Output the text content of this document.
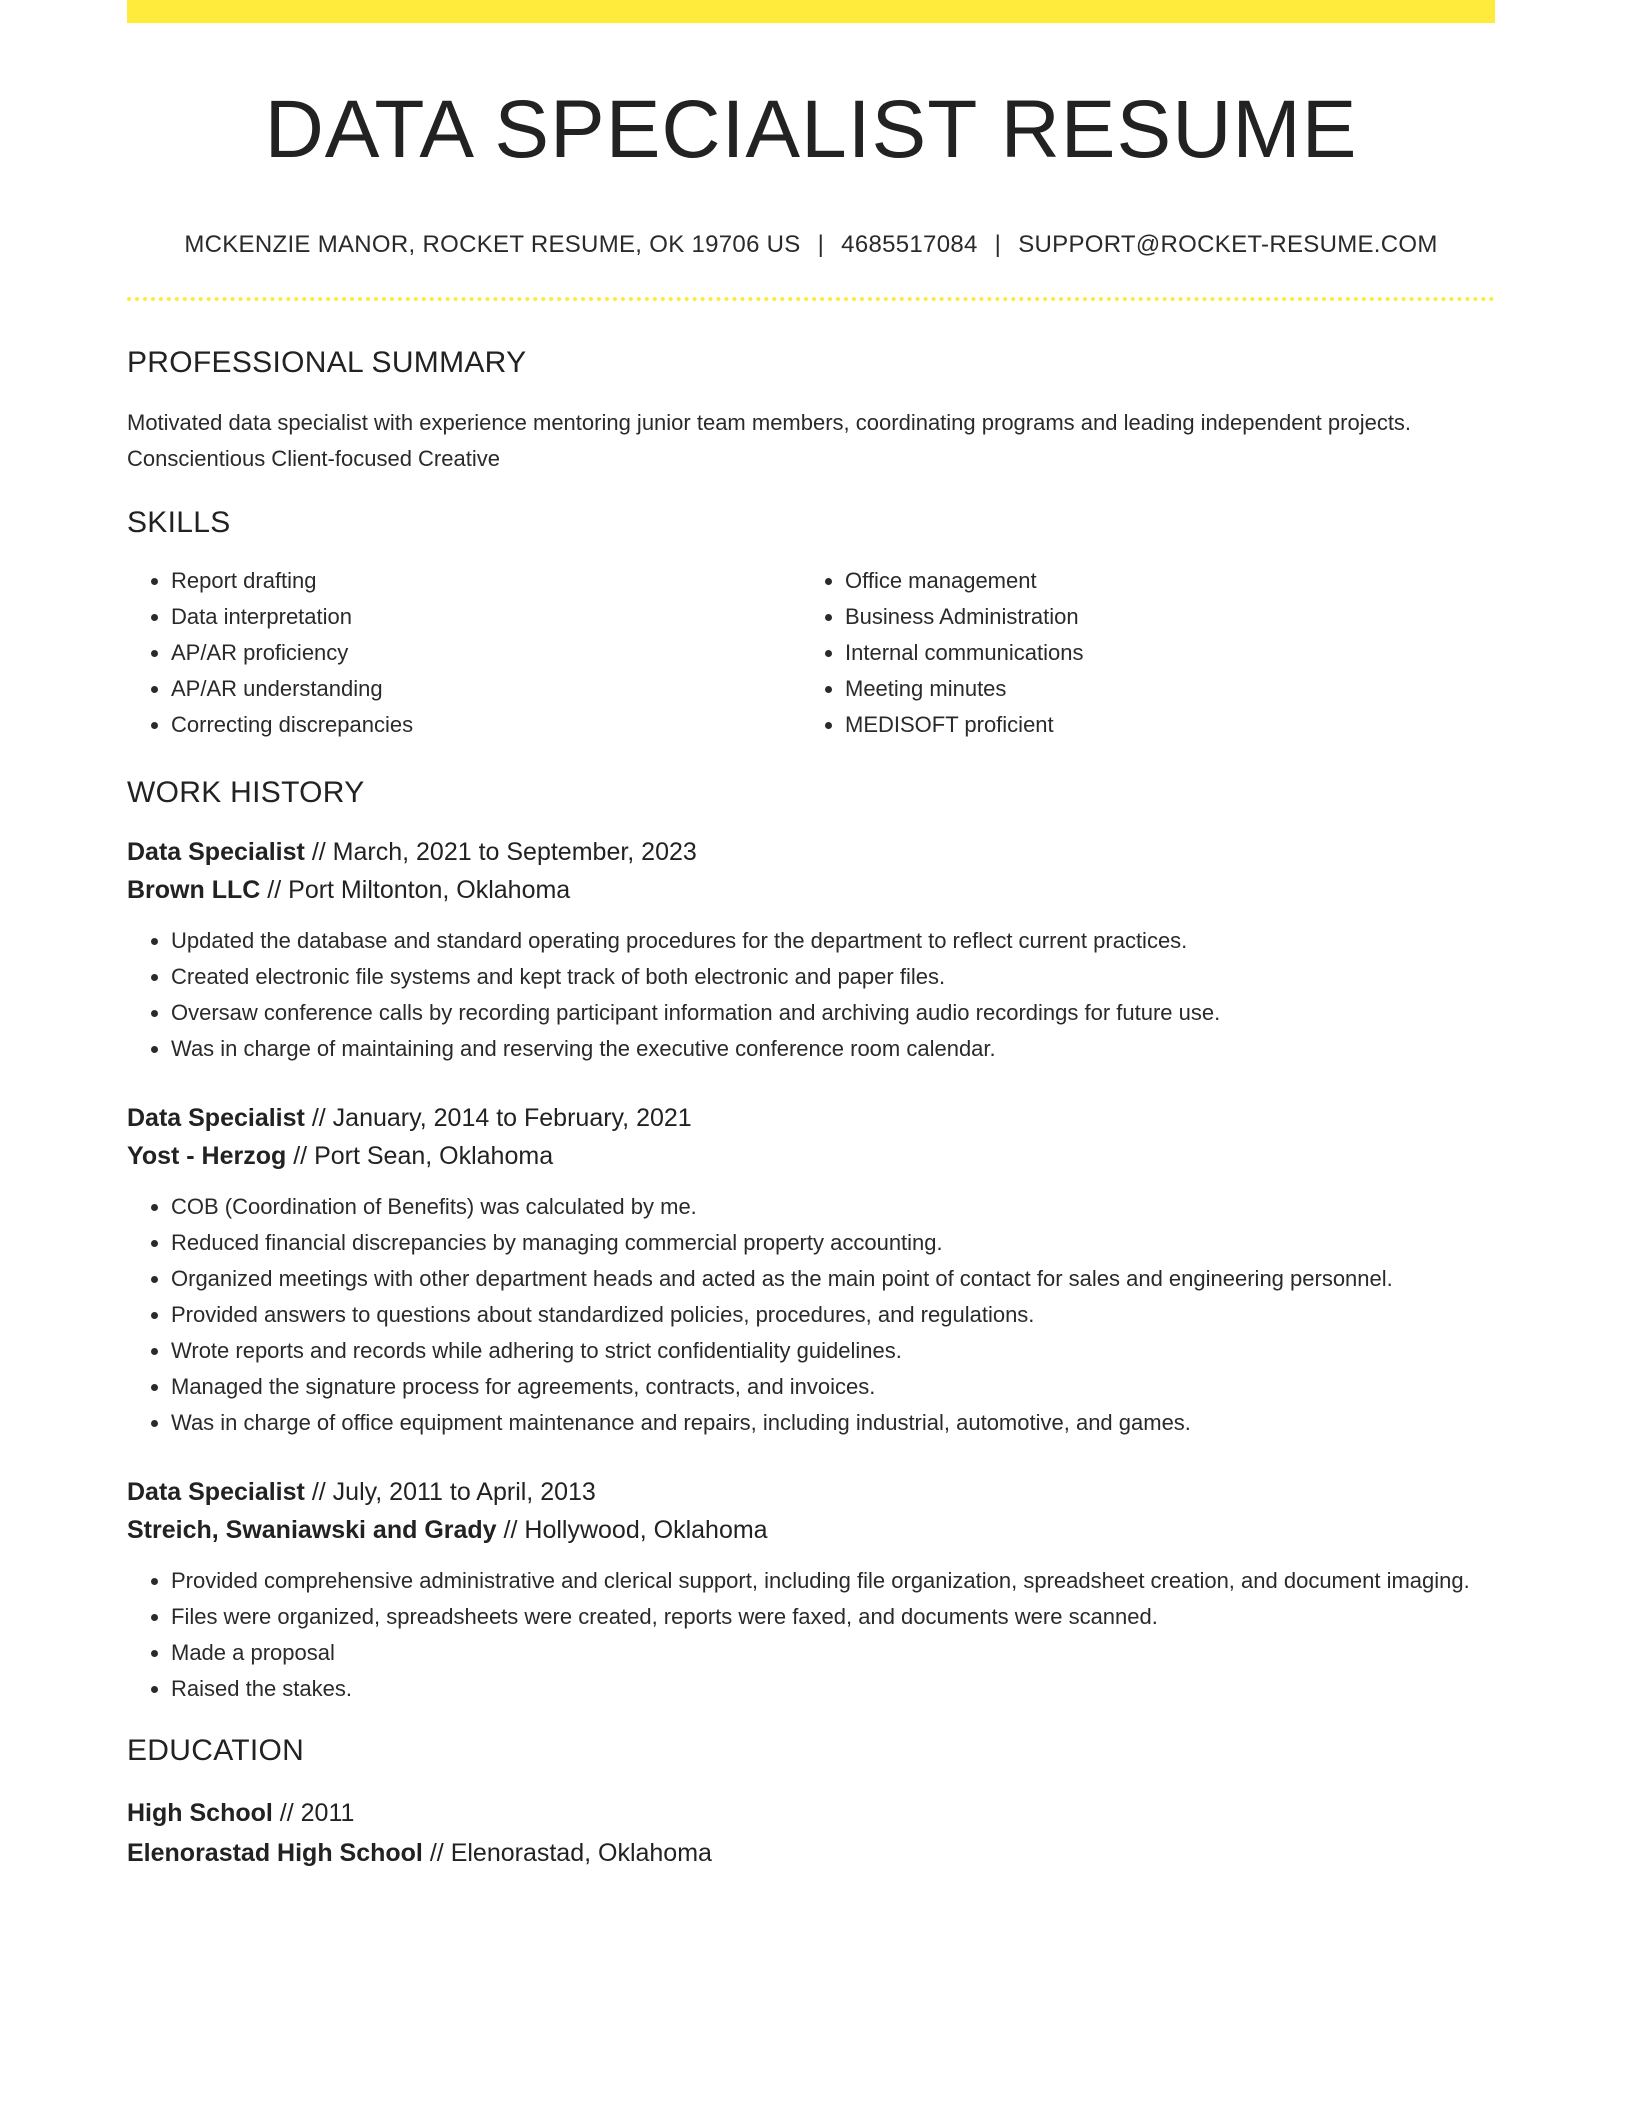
DATA SPECIALIST RESUME
MCKENZIE MANOR, ROCKET RESUME, OK 19706 US | 4685517084 | SUPPORT@ROCKET-RESUME.COM
PROFESSIONAL SUMMARY
Motivated data specialist with experience mentoring junior team members, coordinating programs and leading independent projects. Conscientious Client-focused Creative
SKILLS
• Report drafting
• Data interpretation
• AP/AR proficiency
• AP/AR understanding
• Correcting discrepancies
• Office management
• Business Administration
• Internal communications
• Meeting minutes
• MEDISOFT proficient
WORK HISTORY
Data Specialist // March, 2021 to September, 2023
Brown LLC // Port Miltonton, Oklahoma
• Updated the database and standard operating procedures for the department to reflect current practices.
• Created electronic file systems and kept track of both electronic and paper files.
• Oversaw conference calls by recording participant information and archiving audio recordings for future use.
• Was in charge of maintaining and reserving the executive conference room calendar.
Data Specialist // January, 2014 to February, 2021
Yost - Herzog // Port Sean, Oklahoma
• COB (Coordination of Benefits) was calculated by me.
• Reduced financial discrepancies by managing commercial property accounting.
• Organized meetings with other department heads and acted as the main point of contact for sales and engineering personnel.
• Provided answers to questions about standardized policies, procedures, and regulations.
• Wrote reports and records while adhering to strict confidentiality guidelines.
• Managed the signature process for agreements, contracts, and invoices.
• Was in charge of office equipment maintenance and repairs, including industrial, automotive, and games.
Data Specialist // July, 2011 to April, 2013
Streich, Swaniawski and Grady // Hollywood, Oklahoma
• Provided comprehensive administrative and clerical support, including file organization, spreadsheet creation, and document imaging.
• Files were organized, spreadsheets were created, reports were faxed, and documents were scanned.
• Made a proposal
• Raised the stakes.
EDUCATION
High School // 2011
Elenorastad High School // Elenorastad, Oklahoma
